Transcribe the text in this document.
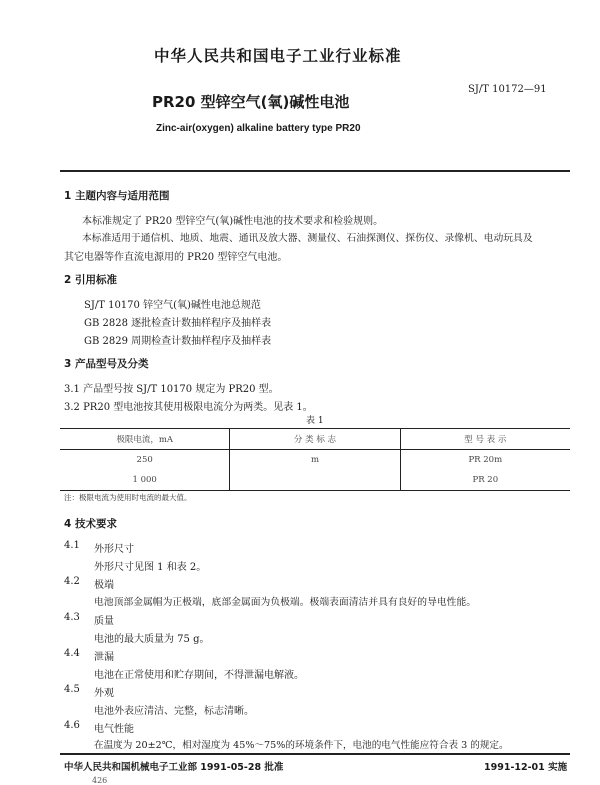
中华人民共和国电子工业行业标准
SJ/T 10172—91
PR20 型锌空气(氧)碱性电池
Zinc-air(oxygen) alkaline battery type PR20
1 主题内容与适用范围
本标准规定了 PR20 型锌空气(氧)碱性电池的技术要求和检验规则。
本标准适用于通信机、地质、地震、通讯及放大器、测量仪、石油探测仪、探伤仪、录像机、电动玩具及
其它电器等作直流电源用的 PR20 型锌空气电池。
2 引用标准
SJ/T 10170 锌空气(氧)碱性电池总规范
GB 2828 逐批检查计数抽样程序及抽样表
GB 2829 周期检查计数抽样程序及抽样表
3 产品型号及分类
3.1 产品型号按 SJ/T 10170 规定为 PR20 型。
3.2 PR20 型电池按其使用极限电流分为两类。见表 1。
表 1
极限电流，mA	分 类 标 志	型 号 表 示
250	m	PR 20m
1 000		PR 20
注：极限电流为使用时电流的最大值。
4 技术要求
4.1 外形尺寸
外形尺寸见图 1 和表 2。
4.2 极端
电池顶部金属帽为正极端，底部金属面为负极端。极端表面清洁并具有良好的导电性能。
4.3 质量
电池的最大质量为 75 g。
4.4 泄漏
电池在正常使用和贮存期间，不得泄漏电解液。
4.5 外观
电池外表应清洁、完整，标志清晰。
4.6 电气性能
在温度为 20±2℃，相对湿度为 45%～75%的环境条件下，电池的电气性能应符合表 3 的规定。
中华人民共和国机械电子工业部 1991-05-28 批准	1991-12-01 实施
426
